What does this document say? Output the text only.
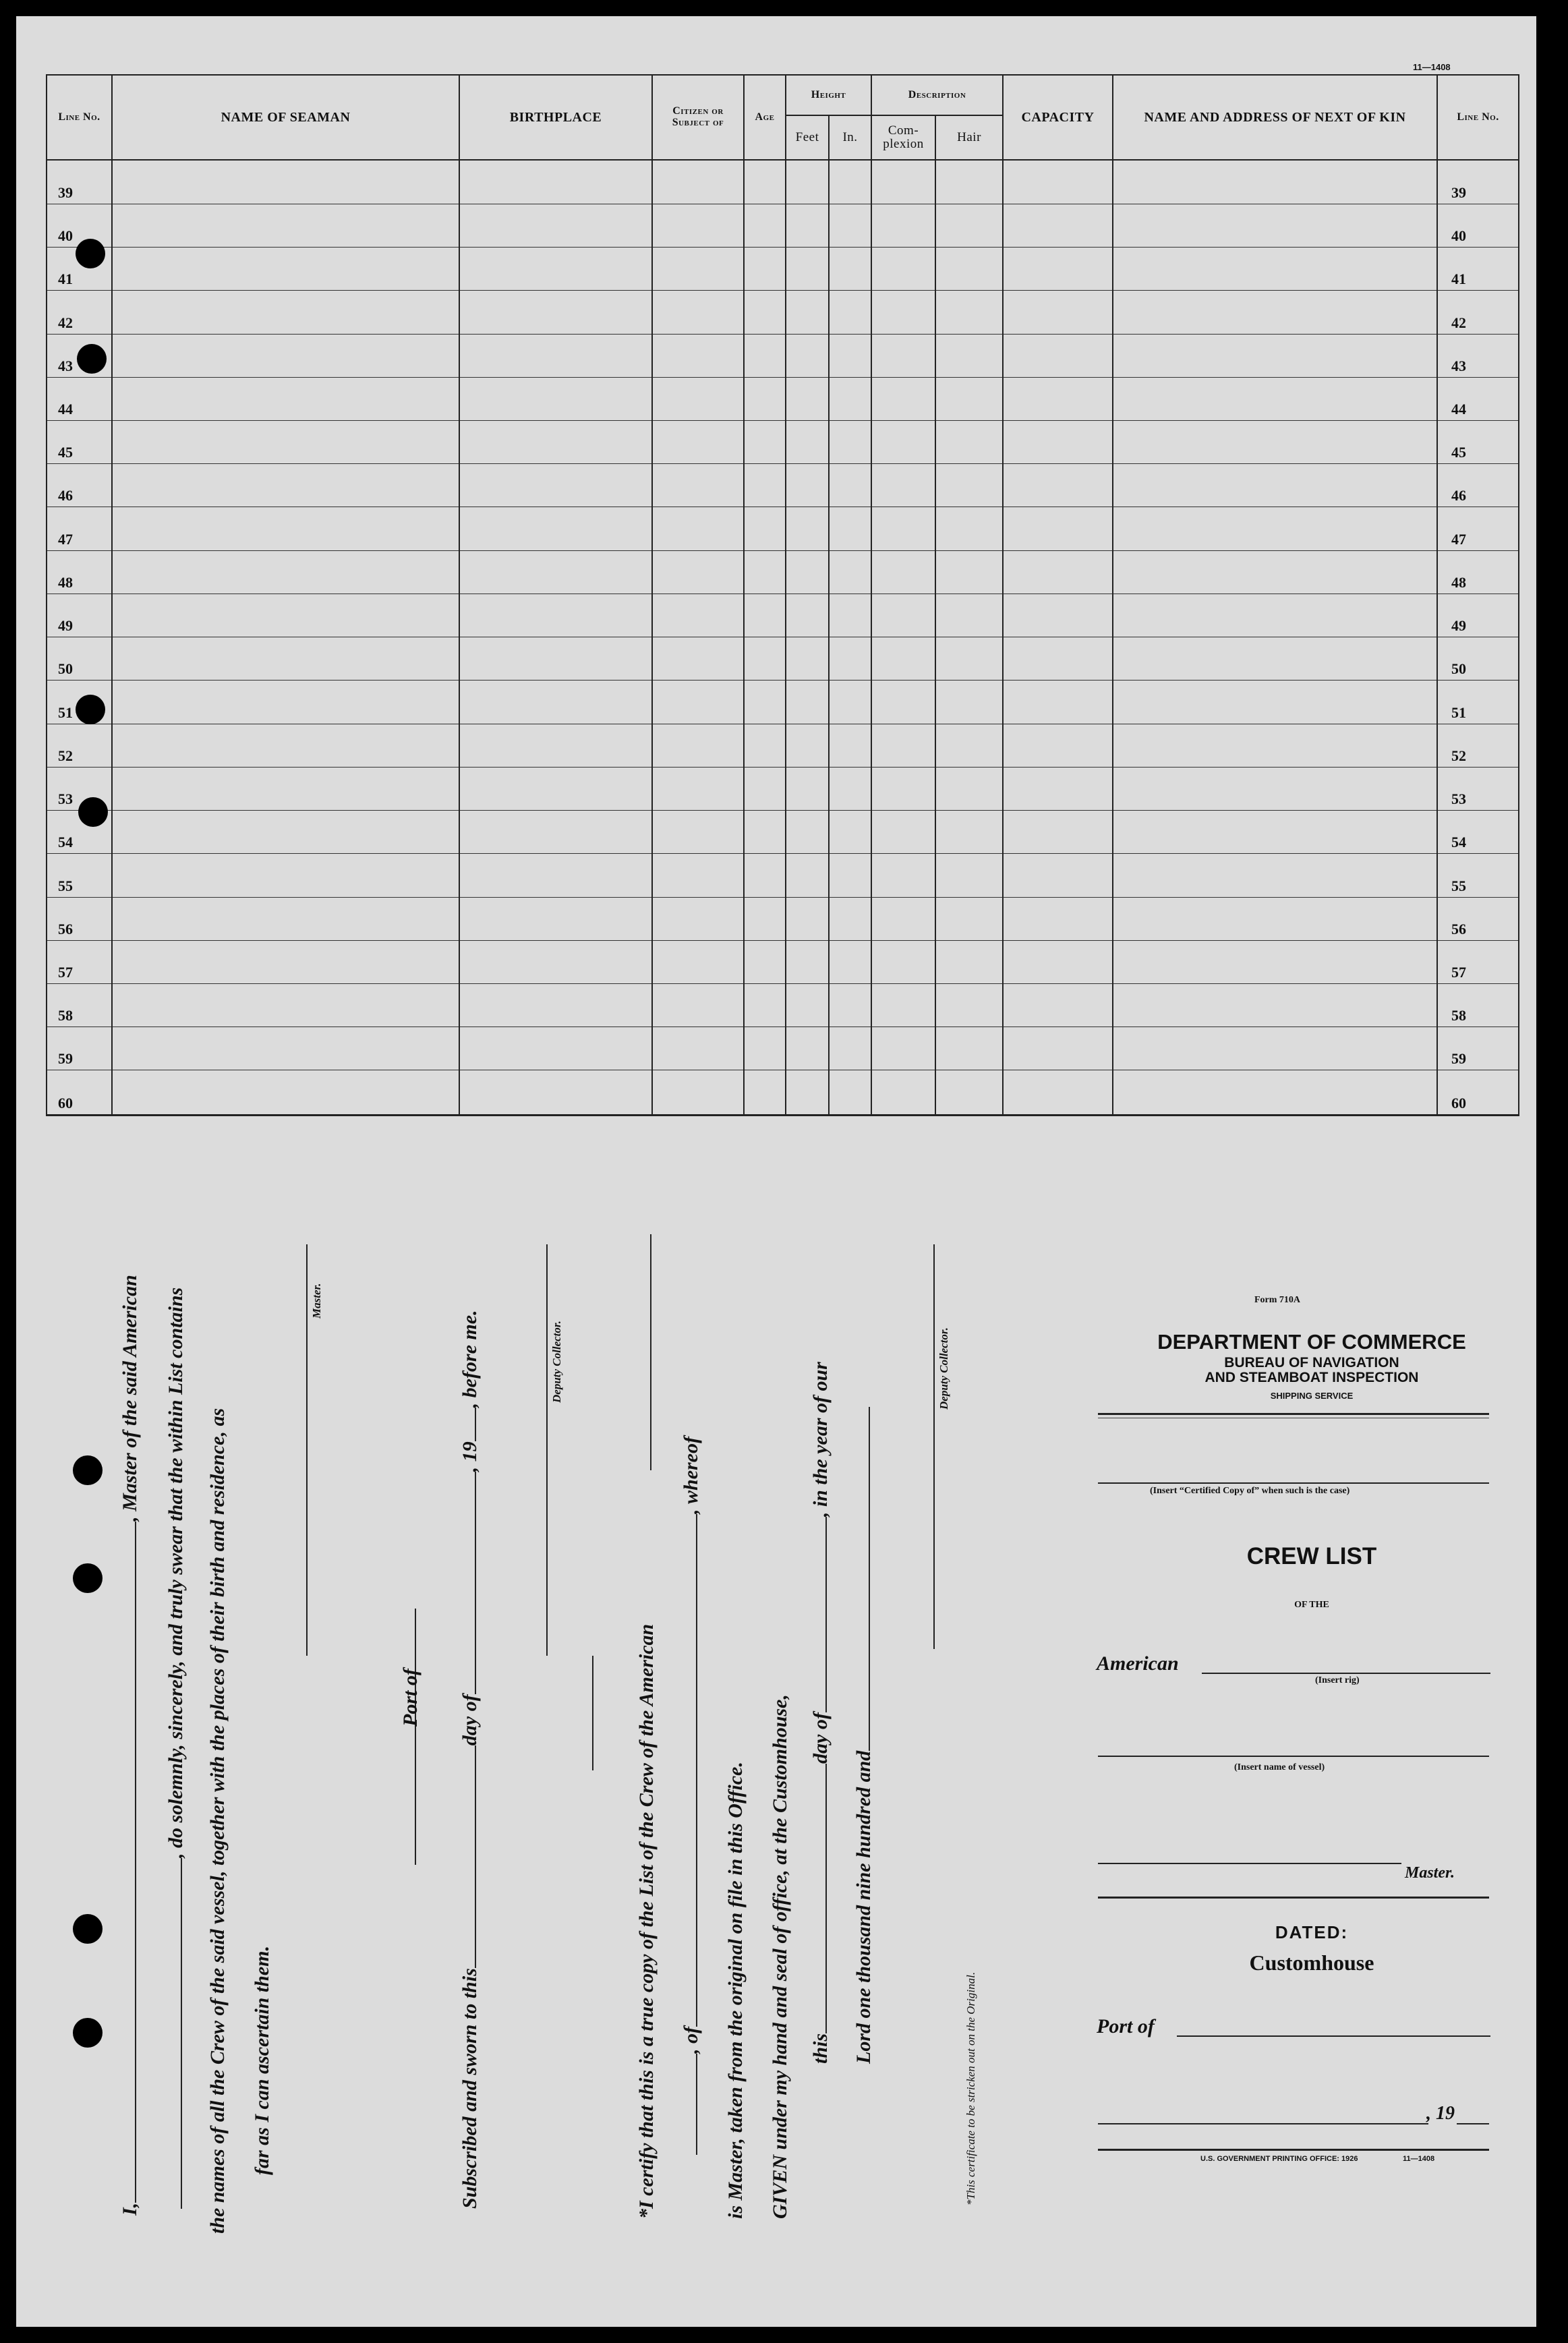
11—1408
Line No.	NAME OF SEAMAN	BIRTHPLACE	Citizen or Subject of	Age	Height		Description		CAPACITY	NAME AND ADDRESS OF NEXT OF KIN	Line No.
					Feet	In.	Com-plexion	Hair			
39											39
40											40
41											41
42											42
43											43
44											44
45											45
46											46
47											47
48											48
49											49
50											50
51											51
52											52
53											53
54											54
55											55
56											56
57											57
58											58
59											59
60											60
I,, Master of the said American , do solemnly, sincerely, and truly swear that the within List contains the names of all the Crew of the said vessel, together with the places of their birth and residence, as far as I can ascertain them.
Master.
Port of
Subscribed and sworn to thisday of, 19, before me.	Deputy Collector.
*I certify that this is a true copy of the List of the Crew of the American , of, whereof
is Master, taken from the original on file in this Office. GIVEN under my hand and seal of office, at the Customhouse, thisday of, in the year of our
Lord one thousand nine hundred and
Deputy Collector.
*This certificate to be stricken out on the Original.
Form 710A
DEPARTMENT OF COMMERCE
BUREAU OF NAVIGATION
AND STEAMBOAT INSPECTION
SHIPPING SERVICE
(Insert “Certified Copy of” when such is the case)
CREW LIST
OF THE
American
(Insert rig)
(Insert name of vessel)
Master.
DATED:
Customhouse
Port of
, 19
U.S. GOVERNMENT PRINTING OFFICE: 1926	11—1408
